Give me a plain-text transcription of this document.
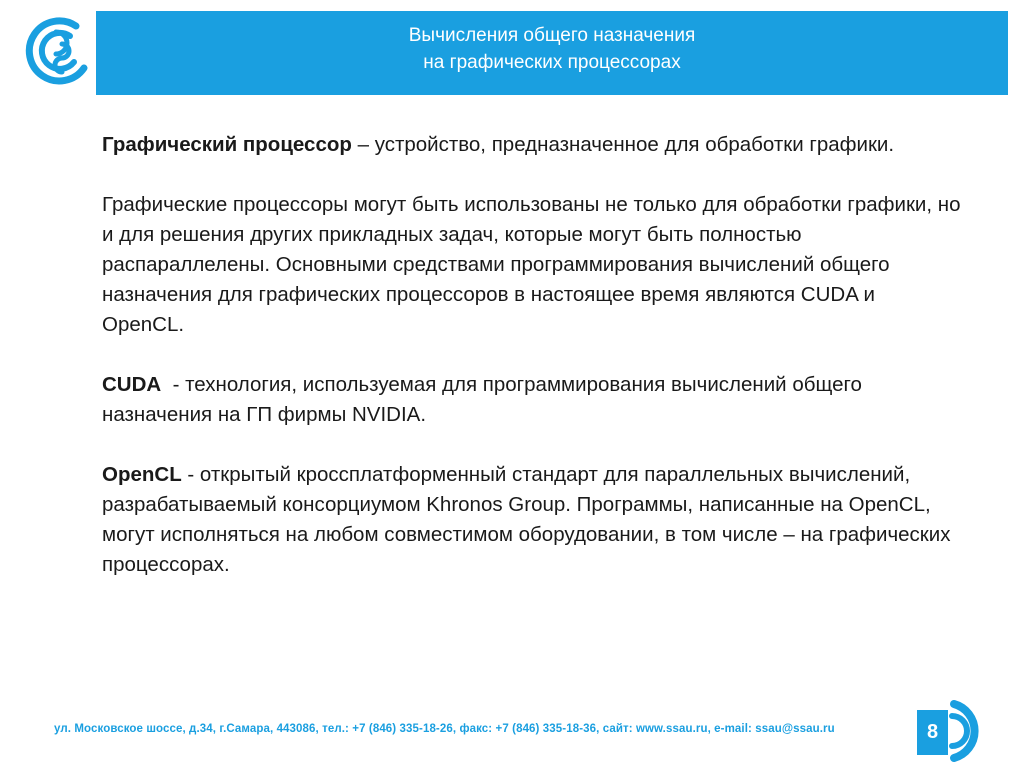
Вычисления общего назначения
на графических процессорах

Графический процессор – устройство, предназначенное для обработки графики.

Графические процессоры могут быть использованы не только для обработки графики, но и для решения других прикладных задач, которые могут быть полностью распараллелены. Основными средствами программирования вычислений общего назначения для графических процессоров в настоящее время являются CUDA и OpenCL.

CUDA  - технология, используемая для программирования вычислений общего назначения на ГП фирмы NVIDIA.

OpenCL - открытый кроссплатформенный стандарт для параллельных вычислений, разрабатываемый консорциумом Khronos Group. Программы, написанные на OpenCL, могут исполняться на любом совместимом оборудовании, в том числе – на графических процессорах.

ул. Московское шоссе, д.34, г.Самара, 443086, тел.: +7 (846) 335-18-26, факс: +7 (846) 335-18-36, сайт: www.ssau.ru, e-mail: ssau@ssau.ru	8
